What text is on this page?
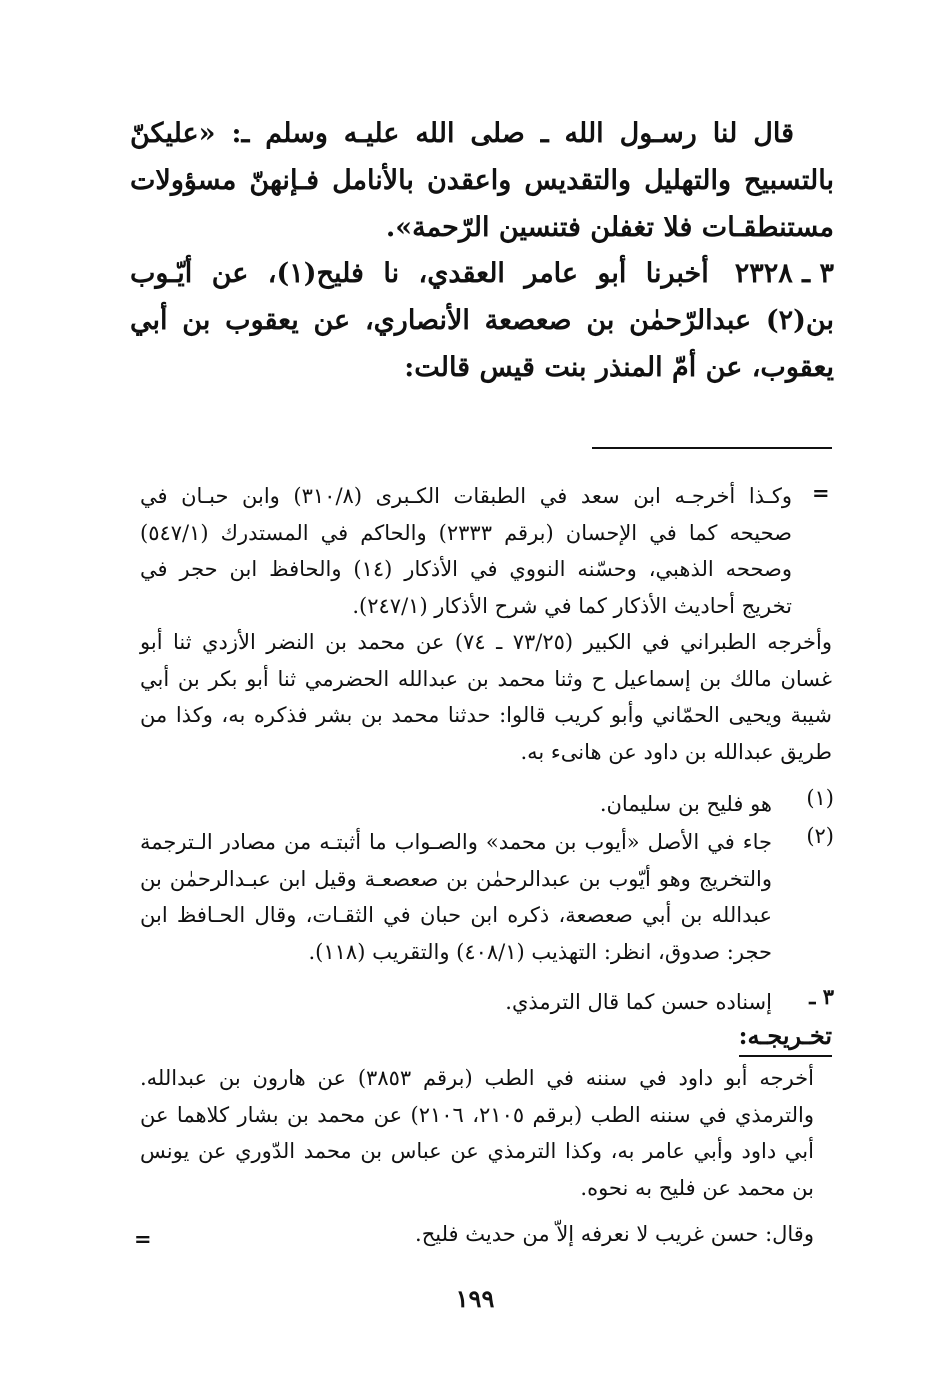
قال لنا رسـول الله ـ صلى الله عليـه وسلم ـ: «عليكنّ بالتسبيح والتهليل والتقديس واعقدن بالأنامل فـإنهنّ مسؤولات مستنطقـات فلا تغفلن فتنسين الرّحمة».
٣ ـ ٢٣٢٨أخبرنا أبو عامر العقدي، نا فليح(١)، عن أيّـوب بن(٢) عبدالرّحمٰن بن صعصعة الأنصاري، عن يعقوب بن أبي يعقوب، عن أمّ المنذر بنت قيس قالت:
=
وكـذا أخرجـه ابن سعد في الطبقات الكـبرى (٣١٠/٨) وابن حبـان في صحيحه كما في الإحسان (برقم ٢٣٣٣) والحاكم في المستدرك (٥٤٧/١) وصححه الذهبي، وحسّنه النووي في الأذكار (١٤) والحافظ ابن حجر في تخريج أحاديث الأذكار كما في شرح الأذكار (٢٤٧/١).
وأخرجه الطبراني في الكبير (٧٣/٢٥ ـ ٧٤) عن محمد بن النضر الأزدي ثنا أبو غسان مالك بن إسماعيل ح وثنا محمد بن عبدالله الحضرمي ثنا أبو بكر بن أبي شيبة ويحيى الحمّاني وأبو كريب قالوا: حدثنا محمد بن بشر فذكره به، وكذا من طريق عبدالله بن داود عن هانىء به.
(١)
هو فليح بن سليمان.
(٢)
جاء في الأصل «أيوب بن محمد» والصـواب ما أثبتـه من مصادر الـترجمة والتخريج وهو أيّوب بن عبدالرحمٰن بن صعصعـة وقيل ابن عبـدالرحمٰن بن عبدالله بن أبي صعصعة، ذكره ابن حبان في الثقـات، وقال الحـافظ ابن حجر: صدوق، انظر: التهذيب (٤٠٨/١) والتقريب (١١٨).
٣ ـ
إسناده حسن كما قال الترمذي.
تخـريجـه:
أخرجه أبو داود في سننه في الطب (برقم ٣٨٥٣) عن هارون بن عبدالله. والترمذي في سننه الطب (برقم ٢١٠٥، ٢١٠٦) عن محمد بن بشار كلاهما عن أبي داود وأبي عامر به، وكذا الترمذي عن عباس بن محمد الدّوري عن يونس بن محمد عن فليح به نحوه.
وقال: حسن غريب لا نعرفه إلاّ من حديث فليح.
=
١٩٩
